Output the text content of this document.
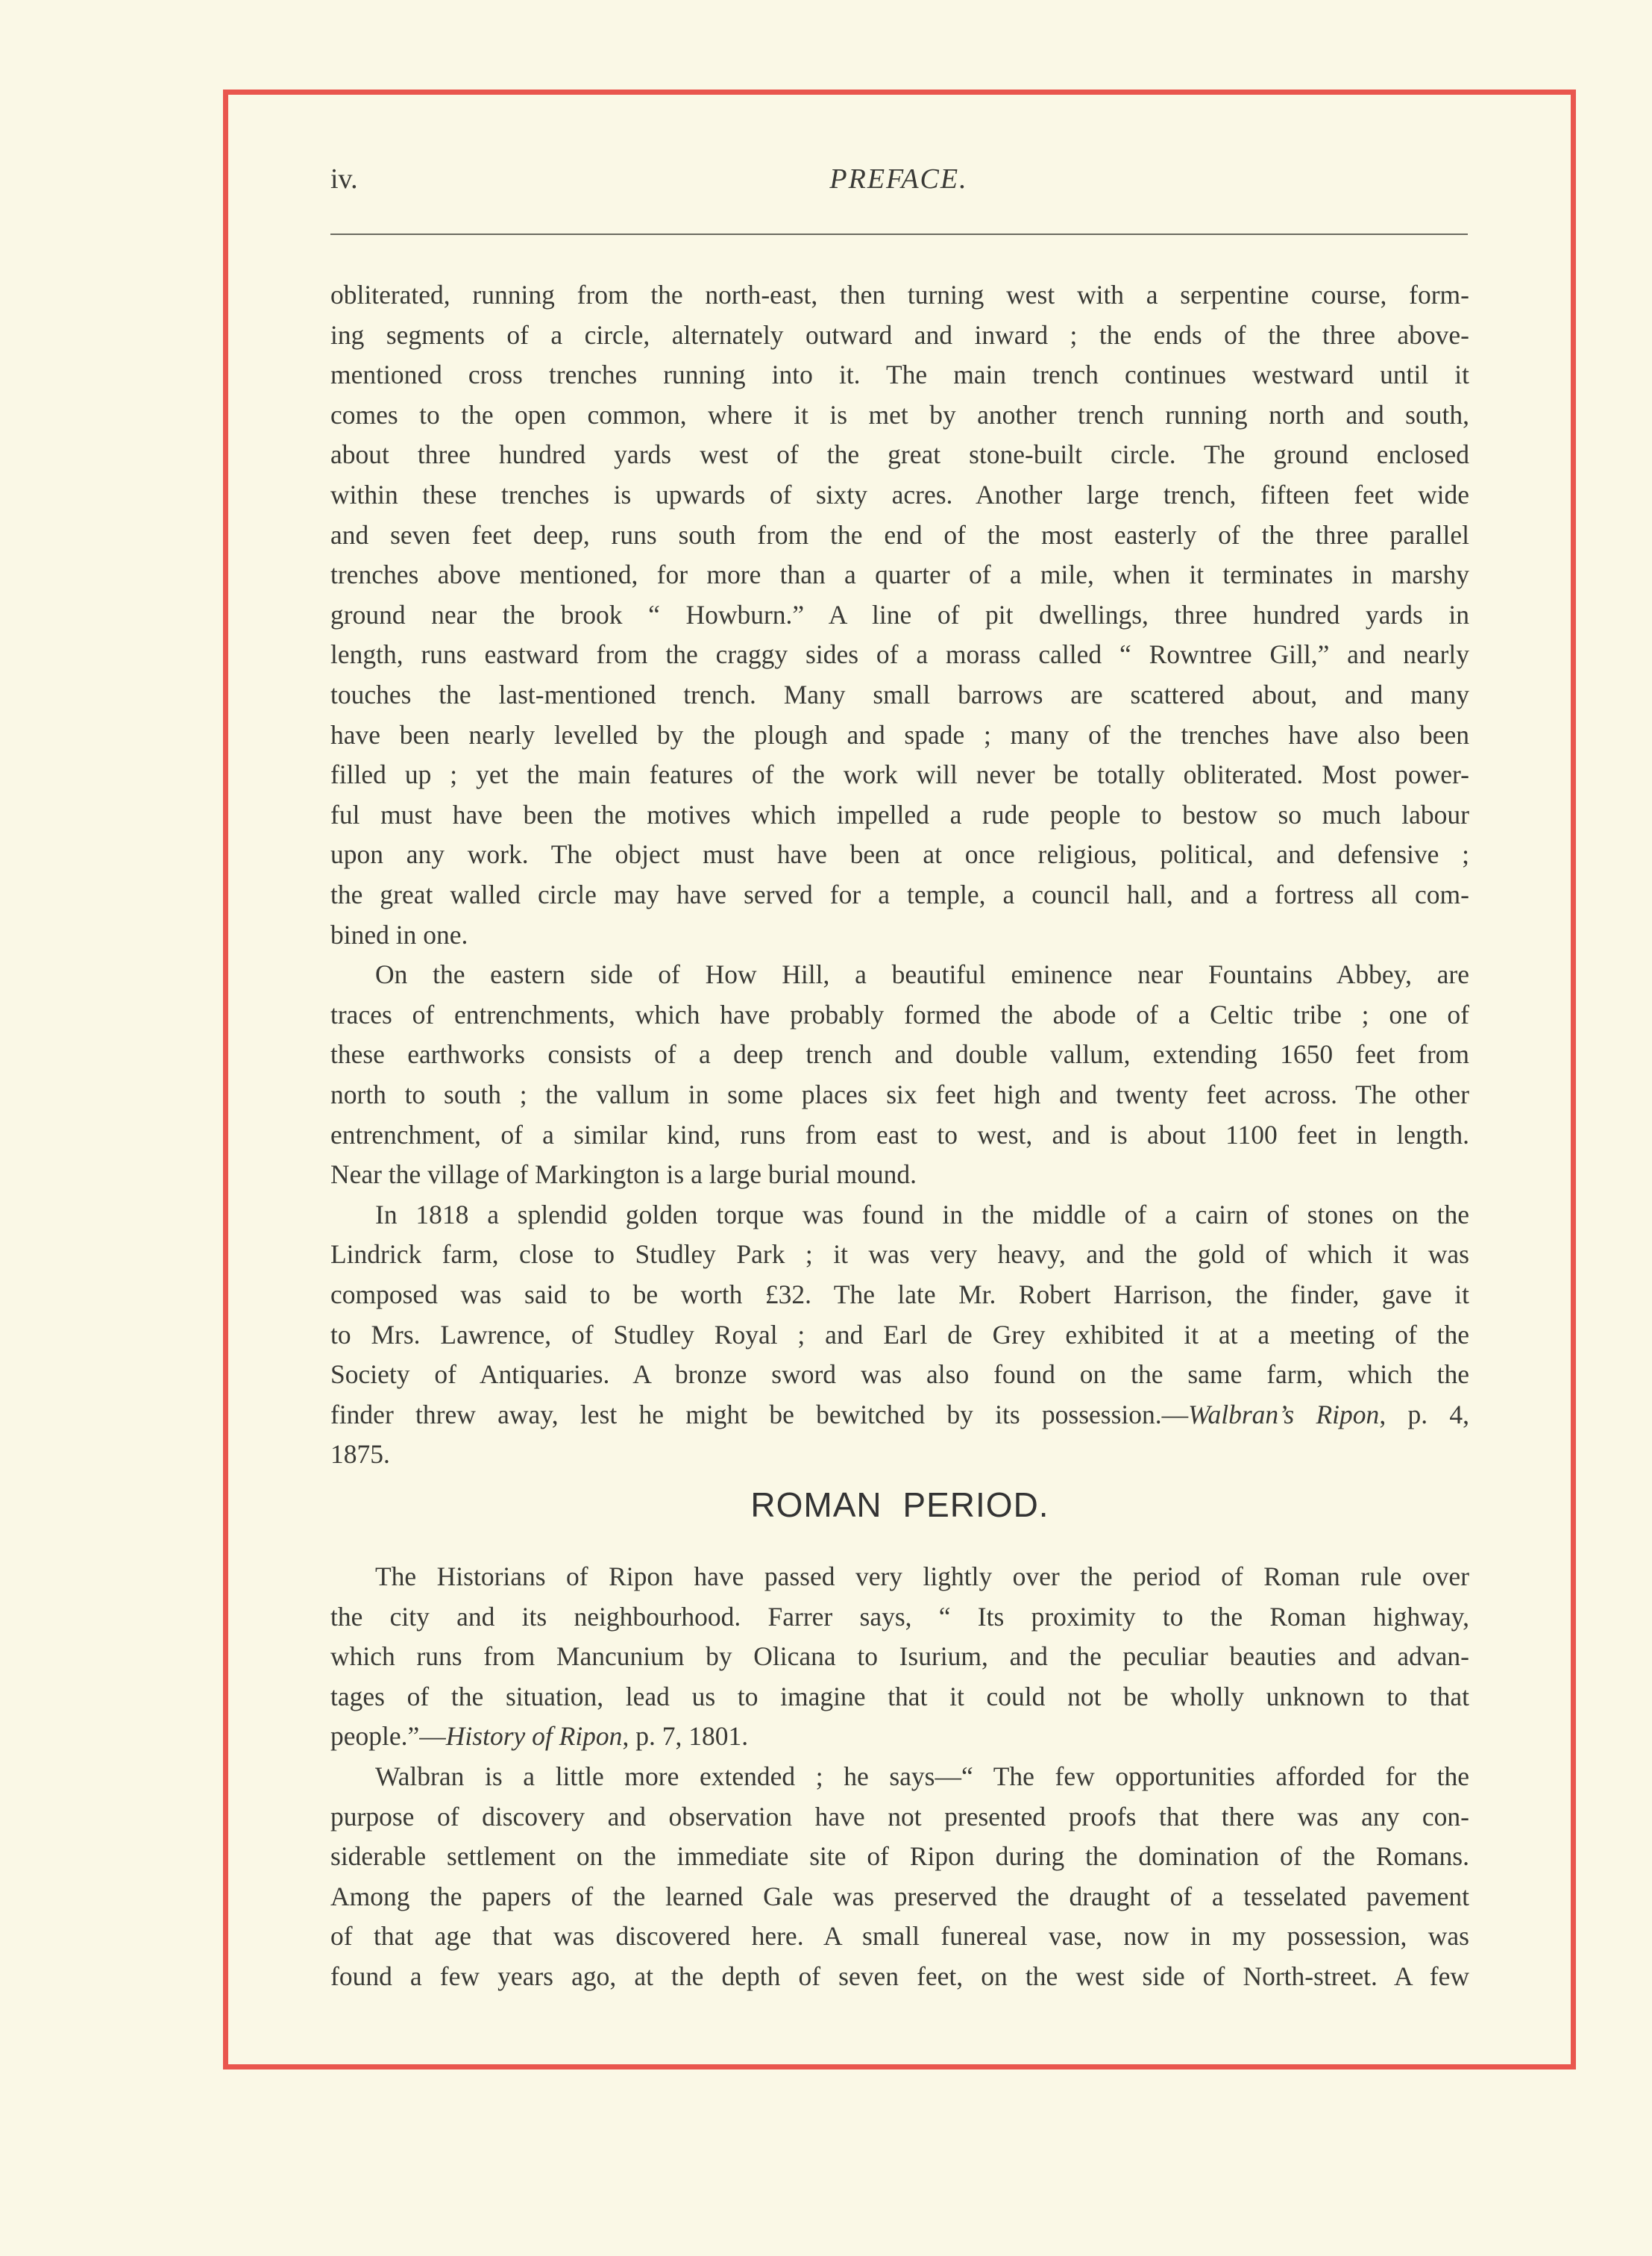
iv.	PREFACE.
obliterated, running from the north-east, then turning west with a serpentine course, form-
ing segments of a circle, alternately outward and inward ; the ends of the three above-
mentioned cross trenches running into it. The main trench continues westward until it
comes to the open common, where it is met by another trench running north and south,
about three hundred yards west of the great stone-built circle. The ground enclosed
within these trenches is upwards of sixty acres. Another large trench, fifteen feet wide
and seven feet deep, runs south from the end of the most easterly of the three parallel
trenches above mentioned, for more than a quarter of a mile, when it terminates in marshy
ground near the brook “ Howburn.” A line of pit dwellings, three hundred yards in
length, runs eastward from the craggy sides of a morass called “ Rowntree Gill,” and nearly
touches the last-mentioned trench. Many small barrows are scattered about, and many
have been nearly levelled by the plough and spade ; many of the trenches have also been
filled up ; yet the main features of the work will never be totally obliterated. Most power-
ful must have been the motives which impelled a rude people to bestow so much labour
upon any work. The object must have been at once religious, political, and defensive ;
the great walled circle may have served for a temple, a council hall, and a fortress all com-
bined in one.
On the eastern side of How Hill, a beautiful eminence near Fountains Abbey, are
traces of entrenchments, which have probably formed the abode of a Celtic tribe ; one of
these earthworks consists of a deep trench and double vallum, extending 1650 feet from
north to south ; the vallum in some places six feet high and twenty feet across. The other
entrenchment, of a similar kind, runs from east to west, and is about 1100 feet in length.
Near the village of Markington is a large burial mound.
In 1818 a splendid golden torque was found in the middle of a cairn of stones on the
Lindrick farm, close to Studley Park ; it was very heavy, and the gold of which it was
composed was said to be worth £32. The late Mr. Robert Harrison, the finder, gave it
to Mrs. Lawrence, of Studley Royal ; and Earl de Grey exhibited it at a meeting of the
Society of Antiquaries. A bronze sword was also found on the same farm, which the
finder threw away, lest he might be bewitched by its possession.—Walbran’s Ripon, p. 4,
1875.
ROMAN PERIOD.
The Historians of Ripon have passed very lightly over the period of Roman rule over
the city and its neighbourhood. Farrer says, “ Its proximity to the Roman highway,
which runs from Mancunium by Olicana to Isurium, and the peculiar beauties and advan-
tages of the situation, lead us to imagine that it could not be wholly unknown to that
people.”—History of Ripon, p. 7, 1801.
Walbran is a little more extended ; he says—“ The few opportunities afforded for the
purpose of discovery and observation have not presented proofs that there was any con-
siderable settlement on the immediate site of Ripon during the domination of the Romans.
Among the papers of the learned Gale was preserved the draught of a tesselated pavement
of that age that was discovered here. A small funereal vase, now in my possession, was
found a few years ago, at the depth of seven feet, on the west side of North-street. A few
